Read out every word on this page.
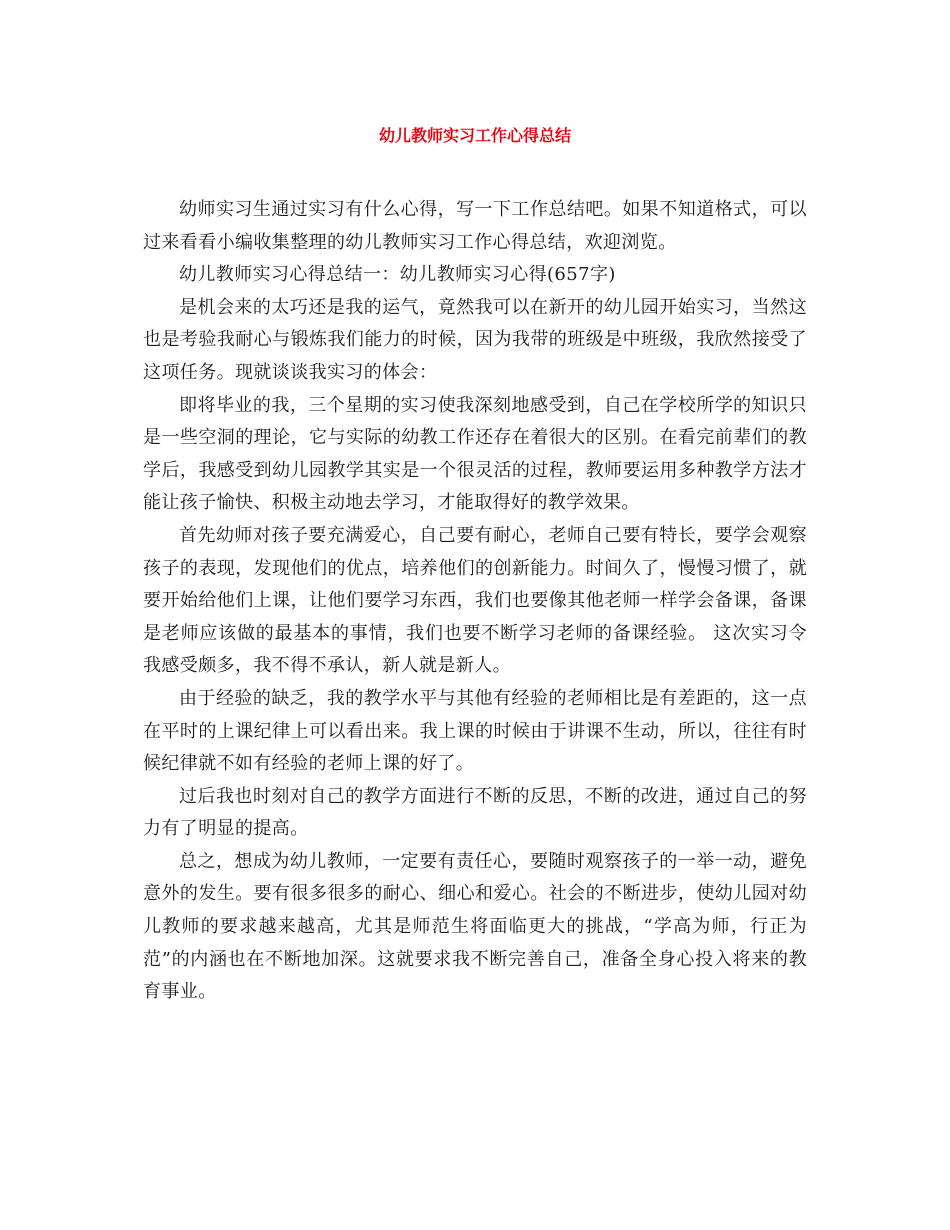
幼儿教师实习工作心得总结

幼师实习生通过实习有什么心得，写一下工作总结吧。如果不知道格式，可以过来看看小编收集整理的幼儿教师实习工作心得总结，欢迎浏览。

幼儿教师实习心得总结一：幼儿教师实习心得(657字)

是机会来的太巧还是我的运气，竟然我可以在新开的幼儿园开始实习，当然这也是考验我耐心与锻炼我们能力的时候，因为我带的班级是中班级，我欣然接受了这项任务。现就谈谈我实习的体会：

即将毕业的我，三个星期的实习使我深刻地感受到，自己在学校所学的知识只是一些空洞的理论，它与实际的幼教工作还存在着很大的区别。在看完前辈们的教学后，我感受到幼儿园教学其实是一个很灵活的过程，教师要运用多种教学方法才能让孩子愉快、积极主动地去学习，才能取得好的教学效果。

首先幼师对孩子要充满爱心，自己要有耐心，老师自己要有特长，要学会观察孩子的表现，发现他们的优点，培养他们的创新能力。时间久了，慢慢习惯了，就要开始给他们上课，让他们要学习东西，我们也要像其他老师一样学会备课，备课是老师应该做的最基本的事情，我们也要不断学习老师的备课经验。 这次实习令我感受颇多，我不得不承认，新人就是新人。

由于经验的缺乏，我的教学水平与其他有经验的老师相比是有差距的，这一点在平时的上课纪律上可以看出来。我上课的时候由于讲课不生动，所以，往往有时候纪律就不如有经验的老师上课的好了。

过后我也时刻对自己的教学方面进行不断的反思，不断的改进，通过自己的努力有了明显的提高。

总之，想成为幼儿教师，一定要有责任心，要随时观察孩子的一举一动，避免意外的发生。要有很多很多的耐心、细心和爱心。社会的不断进步，使幼儿园对幼儿教师的要求越来越高，尤其是师范生将面临更大的挑战，“学高为师，行正为范”的内涵也在不断地加深。这就要求我不断完善自己，准备全身心投入将来的教育事业。
